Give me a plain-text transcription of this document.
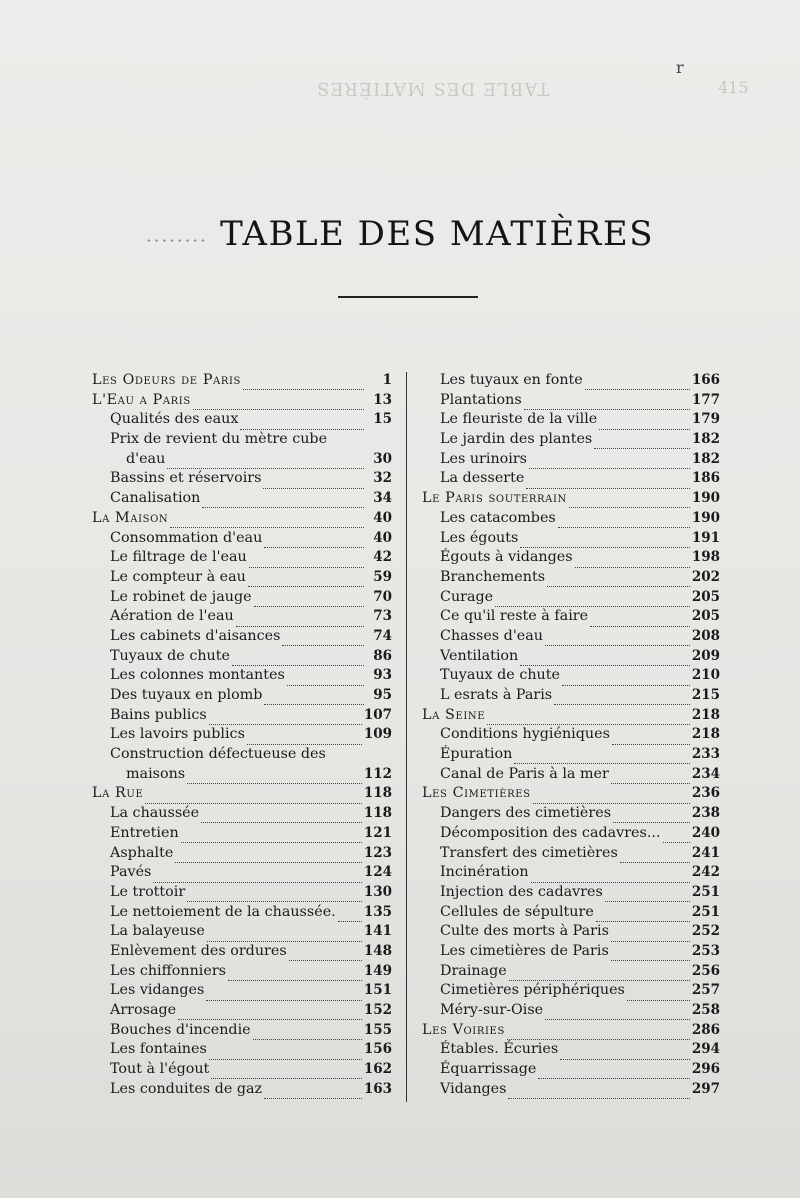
TABLE DES MATIÈRES	415
r
........ TABLE DES MATIÈRES
Les Odeurs de Paris	1
L'Eau a Paris	13
Qualités des eaux	15
Prix de revient du mètre cube
d'eau	30
Bassins et réservoirs	32
Canalisation	34
La Maison	40
Consommation d'eau	40
Le filtrage de l'eau	42
Le compteur à eau	59
Le robinet de jauge	70
Aération de l'eau	73
Les cabinets d'aisances	74
Tuyaux de chute	86
Les colonnes montantes	93
Des tuyaux en plomb	95
Bains publics	107
Les lavoirs publics	109
Construction défectueuse des
maisons	112
La Rue	118
La chaussée	118
Entretien	121
Asphalte	123
Pavés	124
Le trottoir	130
Le nettoiement de la chaussée. 135
La balayeuse	141
Enlèvement des ordures	148
Les chiffonniers	149
Les vidanges	151
Arrosage	152
Bouches d'incendie	155
Les fontaines	156
Tout à l'égout	162
Les conduites de gaz	163
Les tuyaux en fonte	166
Plantations	177
Le fleuriste de la ville	179
Le jardin des plantes	182
Les urinoirs	182
La desserte	186
Le Paris souterrain	190
Les catacombes	190
Les égouts	191
Égouts à vidanges	198
Branchements	202
Curage	205
Ce qu'il reste à faire	205
Chasses d'eau	208
Ventilation	209
Tuyaux de chute	210
L esrats à Paris	215
La Seine	218
Conditions hygiéniques	218
Épuration	233
Canal de Paris à la mer	234
Les Cimetières	236
Dangers des cimetières	238
Décomposition des cadavres... 240
Transfert des cimetières	241
Incinération	242
Injection des cadavres	251
Cellules de sépulture	251
Culte des morts à Paris	252
Les cimetières de Paris	253
Drainage	256
Cimetières périphériques	257
Méry-sur-Oise	258
Les Voiries	286
Étables. Écuries	294
Équarrissage	296
Vidanges	297
